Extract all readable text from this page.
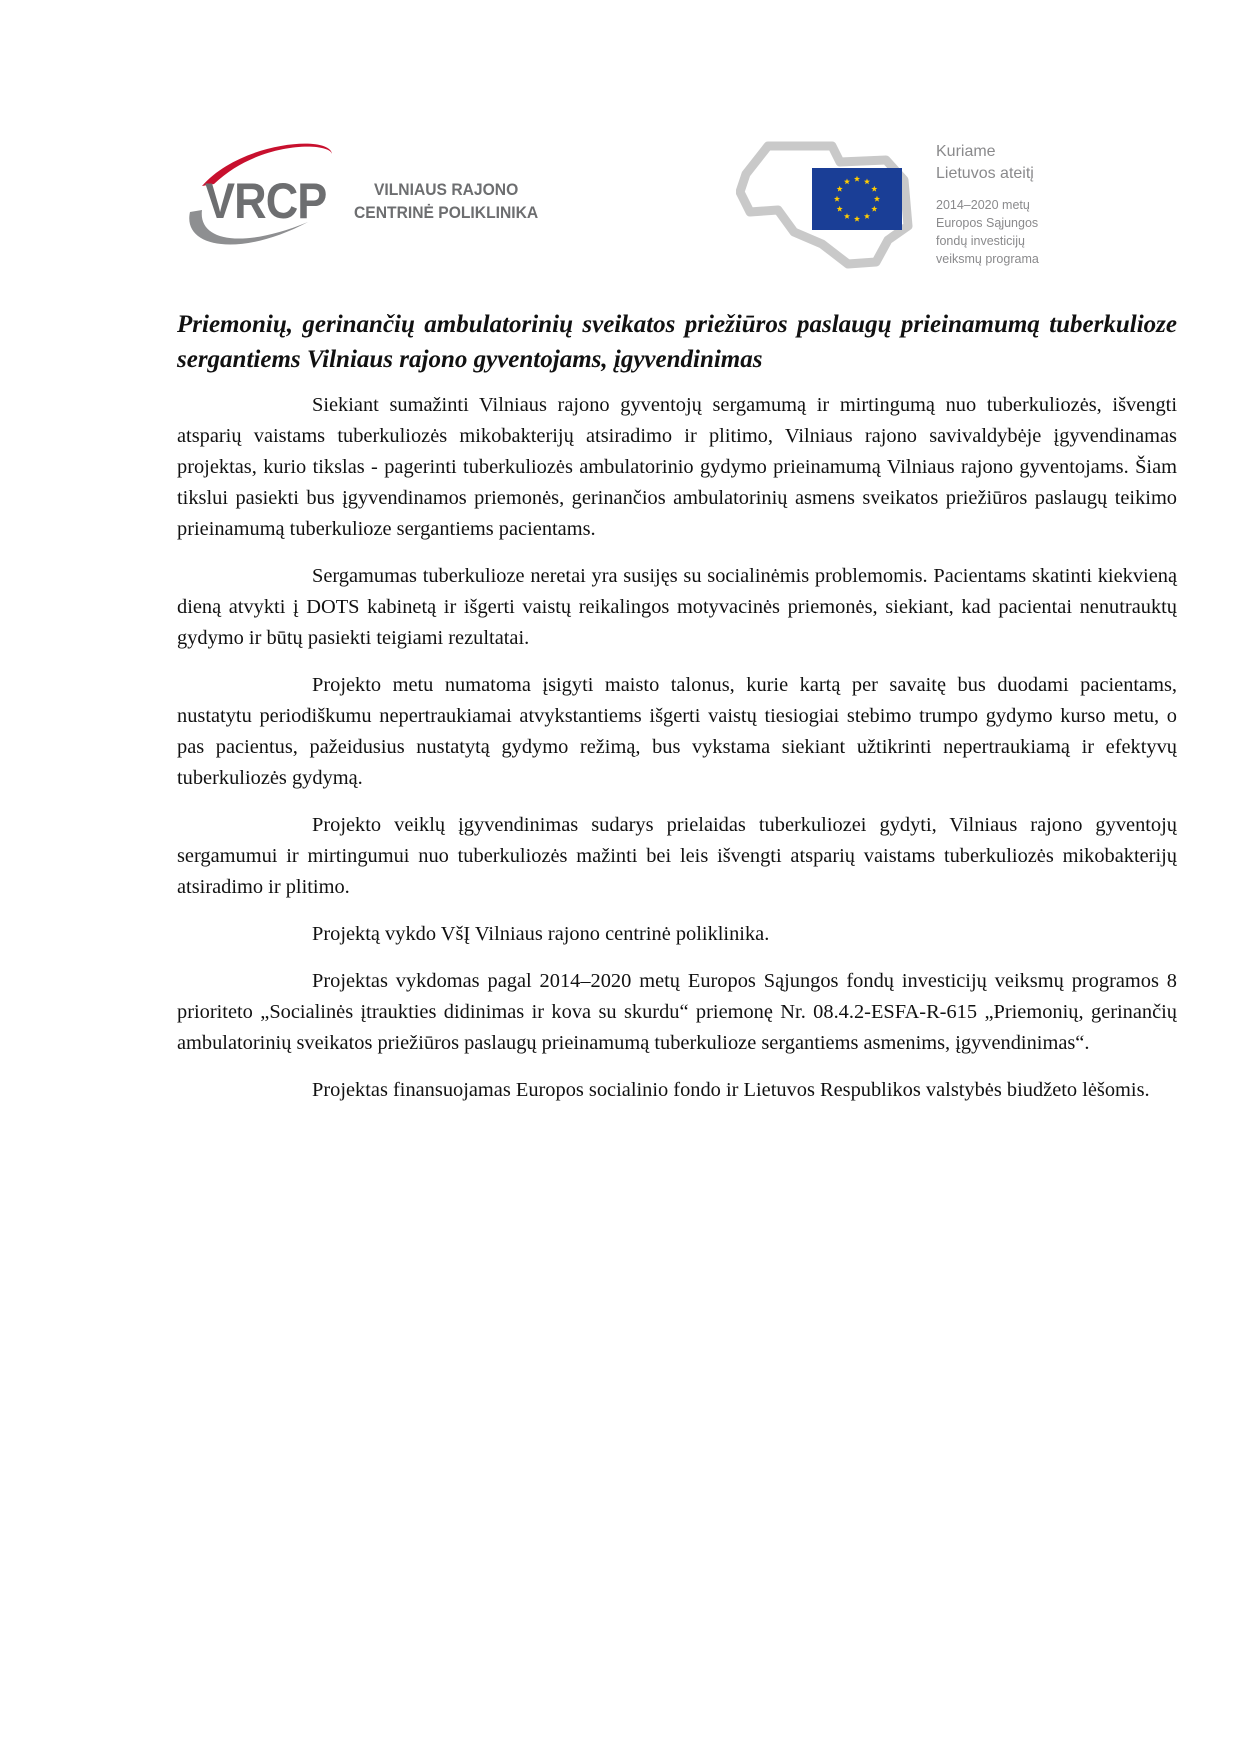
VRCP	VILNIAUS RAJONO
CENTRINĖ POLIKLINIKA
Kuriame
Lietuvos ateitį
2014–2020 metų
Europos Sąjungos
fondų investicijų
veiksmų programa
Priemonių, gerinančių ambulatorinių sveikatos priežiūros paslaugų prieinamumą tuberkulioze sergantiems Vilniaus rajono gyventojams, įgyvendinimas

Siekiant sumažinti Vilniaus rajono gyventojų sergamumą ir mirtingumą nuo tuberkuliozės, išvengti atsparių vaistams tuberkuliozės mikobakterijų atsiradimo ir plitimo, Vilniaus rajono savivaldybėje įgyvendinamas projektas, kurio tikslas - pagerinti tuberkuliozės ambulatorinio gydymo prieinamumą Vilniaus rajono gyventojams. Šiam tikslui pasiekti bus įgyvendinamos priemonės, gerinančios ambulatorinių asmens sveikatos priežiūros paslaugų teikimo prieinamumą tuberkulioze sergantiems pacientams.

Sergamumas tuberkulioze neretai yra susijęs su socialinėmis problemomis. Pacientams skatinti kiekvieną dieną atvykti į DOTS kabinetą ir išgerti vaistų reikalingos motyvacinės priemonės, siekiant, kad pacientai nenutrauktų gydymo ir būtų pasiekti teigiami rezultatai.

Projekto metu numatoma įsigyti maisto talonus, kurie kartą per savaitę bus duodami pacientams, nustatytu periodiškumu nepertraukiamai atvykstantiems išgerti vaistų tiesiogiai stebimo trumpo gydymo kurso metu, o pas pacientus, pažeidusius nustatytą gydymo režimą, bus vykstama siekiant užtikrinti nepertraukiamą ir efektyvų tuberkuliozės gydymą.

Projekto veiklų įgyvendinimas sudarys prielaidas tuberkuliozei gydyti, Vilniaus rajono gyventojų sergamumui ir mirtingumui nuo tuberkuliozės mažinti bei leis išvengti atsparių vaistams tuberkuliozės mikobakterijų atsiradimo ir plitimo.

Projektą vykdo VšĮ Vilniaus rajono centrinė poliklinika.

Projektas vykdomas pagal 2014–2020 metų Europos Sąjungos fondų investicijų veiksmų programos 8 prioriteto „Socialinės įtraukties didinimas ir kova su skurdu“ priemonę Nr. 08.4.2-ESFA-R-615 „Priemonių, gerinančių ambulatorinių sveikatos priežiūros paslaugų prieinamumą tuberkulioze sergantiems asmenims, įgyvendinimas“.

Projektas finansuojamas Europos socialinio fondo ir Lietuvos Respublikos valstybės biudžeto lėšomis.
